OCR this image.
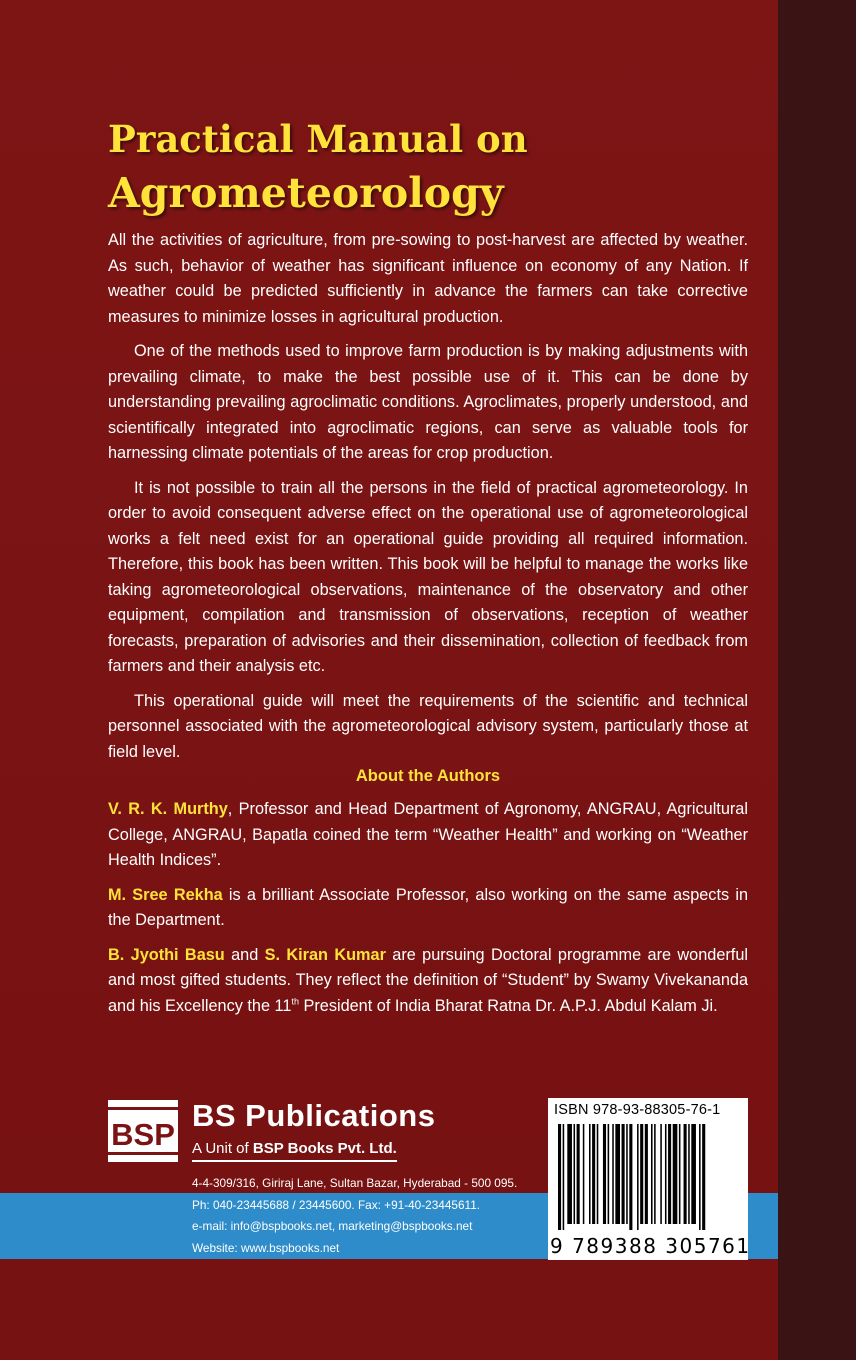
Practical Manual on
Agrometeorology

All the activities of agriculture, from pre-sowing to post-harvest are affected by weather. As such, behavior of weather has significant influence on economy of any Nation. If weather could be predicted sufficiently in advance the farmers can take corrective measures to minimize losses in agricultural production.

One of the methods used to improve farm production is by making adjustments with prevailing climate, to make the best possible use of it. This can be done by understanding prevailing agroclimatic conditions. Agroclimates, properly understood, and scientifically integrated into agroclimatic regions, can serve as valuable tools for harnessing climate potentials of the areas for crop production.

It is not possible to train all the persons in the field of practical agrometeorology. In order to avoid consequent adverse effect on the operational use of agrometeorological works a felt need exist for an operational guide providing all required information. Therefore, this book has been written. This book will be helpful to manage the works like taking agrometeorological observations, maintenance of the observatory and other equipment, compilation and transmission of observations, reception of weather forecasts, preparation of advisories and their dissemination, collection of feedback from farmers and their analysis etc.

This operational guide will meet the requirements of the scientific and technical personnel associated with the agrometeorological advisory system, particularly those at field level.

About the Authors

V. R. K. Murthy, Professor and Head Department of Agronomy, ANGRAU, Agricultural College, ANGRAU, Bapatla coined the term “Weather Health” and working on “Weather Health Indices”.

M. Sree Rekha is a brilliant Associate Professor, also working on the same aspects in the Department.

B. Jyothi Basu and S. Kiran Kumar are pursuing Doctoral programme are wonderful and most gifted students. They reflect the definition of “Student” by Swamy Vivekananda and his Excellency the 11th President of India Bharat Ratna Dr. A.P.J. Abdul Kalam Ji.

BSP
BS Publications
A Unit of BSP Books Pvt. Ltd.
4-4-309/316, Giriraj Lane, Sultan Bazar, Hyderabad - 500 095.
Ph: 040-23445688 / 23445600. Fax: +91-40-23445611.
e-mail: info@bspbooks.net, marketing@bspbooks.net
Website: www.bspbooks.net
ISBN 978-93-88305-76-1
9 789388 305761
